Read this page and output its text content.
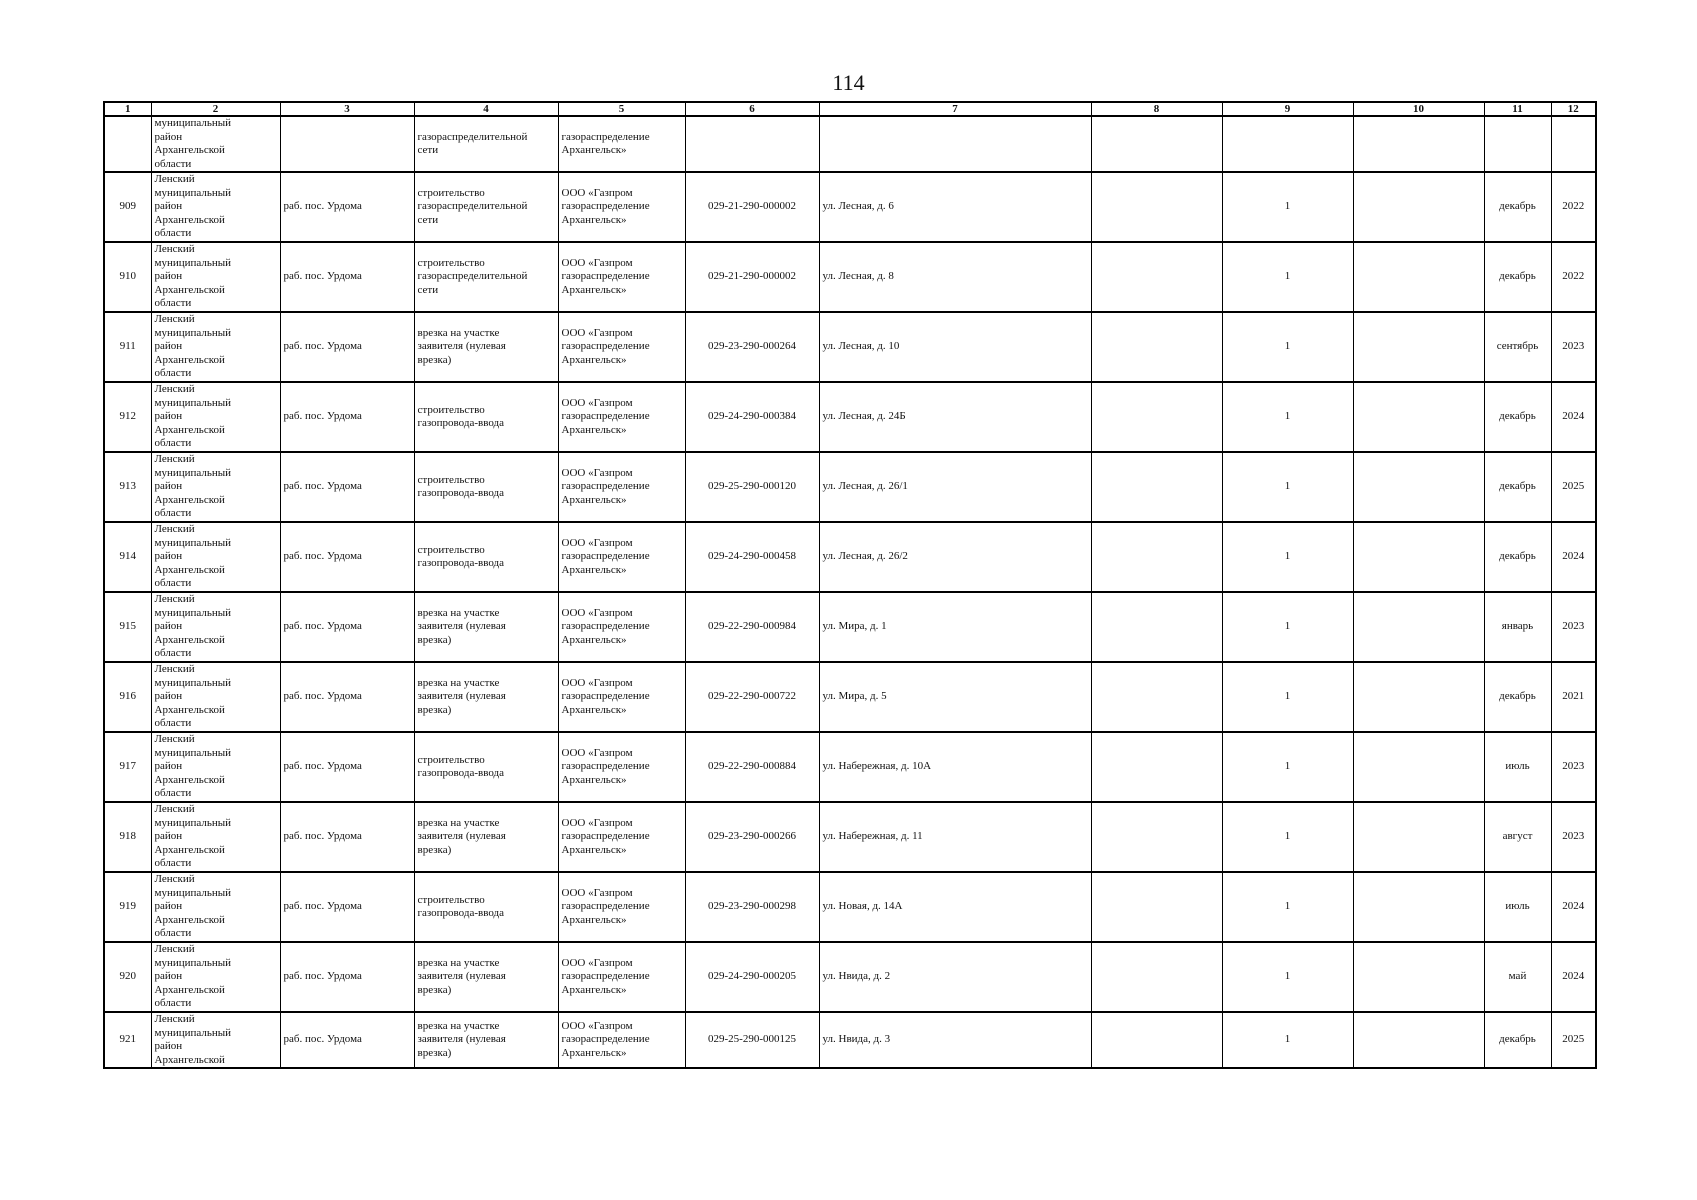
114
1	2	3	4	5	6	7	8	9	10	11	12

	муниципальный
район
Архангельской
области		газораспределительной
сети	газораспределение
Архангельск»							

909	Ленский
муниципальный
район
Архангельской
области	раб. пос. Урдома	строительство
газораспределительной
сети	ООО «Газпром
газораспределение
Архангельск»	029-21-290-000002	ул. Лесная, д. 6		1		декабрь	2022
910	Ленский
муниципальный
район
Архангельской
области	раб. пос. Урдома	строительство
газораспределительной
сети	ООО «Газпром
газораспределение
Архангельск»	029-21-290-000002	ул. Лесная, д. 8		1		декабрь	2022
911	Ленский
муниципальный
район
Архангельской
области	раб. пос. Урдома	врезка на участке
заявителя (нулевая
врезка)	ООО «Газпром
газораспределение
Архангельск»	029-23-290-000264	ул. Лесная, д. 10		1		сентябрь	2023
912	Ленский
муниципальный
район
Архангельской
области	раб. пос. Урдома	строительство
газопровода-ввода	ООО «Газпром
газораспределение
Архангельск»	029-24-290-000384	ул. Лесная, д. 24Б		1		декабрь	2024
913	Ленский
муниципальный
район
Архангельской
области	раб. пос. Урдома	строительство
газопровода-ввода	ООО «Газпром
газораспределение
Архангельск»	029-25-290-000120	ул. Лесная, д. 26/1		1		декабрь	2025
914	Ленский
муниципальный
район
Архангельской
области	раб. пос. Урдома	строительство
газопровода-ввода	ООО «Газпром
газораспределение
Архангельск»	029-24-290-000458	ул. Лесная, д. 26/2		1		декабрь	2024
915	Ленский
муниципальный
район
Архангельской
области	раб. пос. Урдома	врезка на участке
заявителя (нулевая
врезка)	ООО «Газпром
газораспределение
Архангельск»	029-22-290-000984	ул. Мира, д. 1		1		январь	2023
916	Ленский
муниципальный
район
Архангельской
области	раб. пос. Урдома	врезка на участке
заявителя (нулевая
врезка)	ООО «Газпром
газораспределение
Архангельск»	029-22-290-000722	ул. Мира, д. 5		1		декабрь	2021
917	Ленский
муниципальный
район
Архангельской
области	раб. пос. Урдома	строительство
газопровода-ввода	ООО «Газпром
газораспределение
Архангельск»	029-22-290-000884	ул. Набережная, д. 10А		1		июль	2023
918	Ленский
муниципальный
район
Архангельской
области	раб. пос. Урдома	врезка на участке
заявителя (нулевая
врезка)	ООО «Газпром
газораспределение
Архангельск»	029-23-290-000266	ул. Набережная, д. 11		1		август	2023
919	Ленский
муниципальный
район
Архангельской
области	раб. пос. Урдома	строительство
газопровода-ввода	ООО «Газпром
газораспределение
Архангельск»	029-23-290-000298	ул. Новая, д. 14А		1		июль	2024
920	Ленский
муниципальный
район
Архангельской
области	раб. пос. Урдома	врезка на участке
заявителя (нулевая
врезка)	ООО «Газпром
газораспределение
Архангельск»	029-24-290-000205	ул. Нвида, д. 2		1		май	2024
921	Ленский
муниципальный
район
Архангельской	раб. пос. Урдома	врезка на участке
заявителя (нулевая
врезка)	ООО «Газпром
газораспределение
Архангельск»	029-25-290-000125	ул. Нвида, д. 3		1		декабрь	2025
